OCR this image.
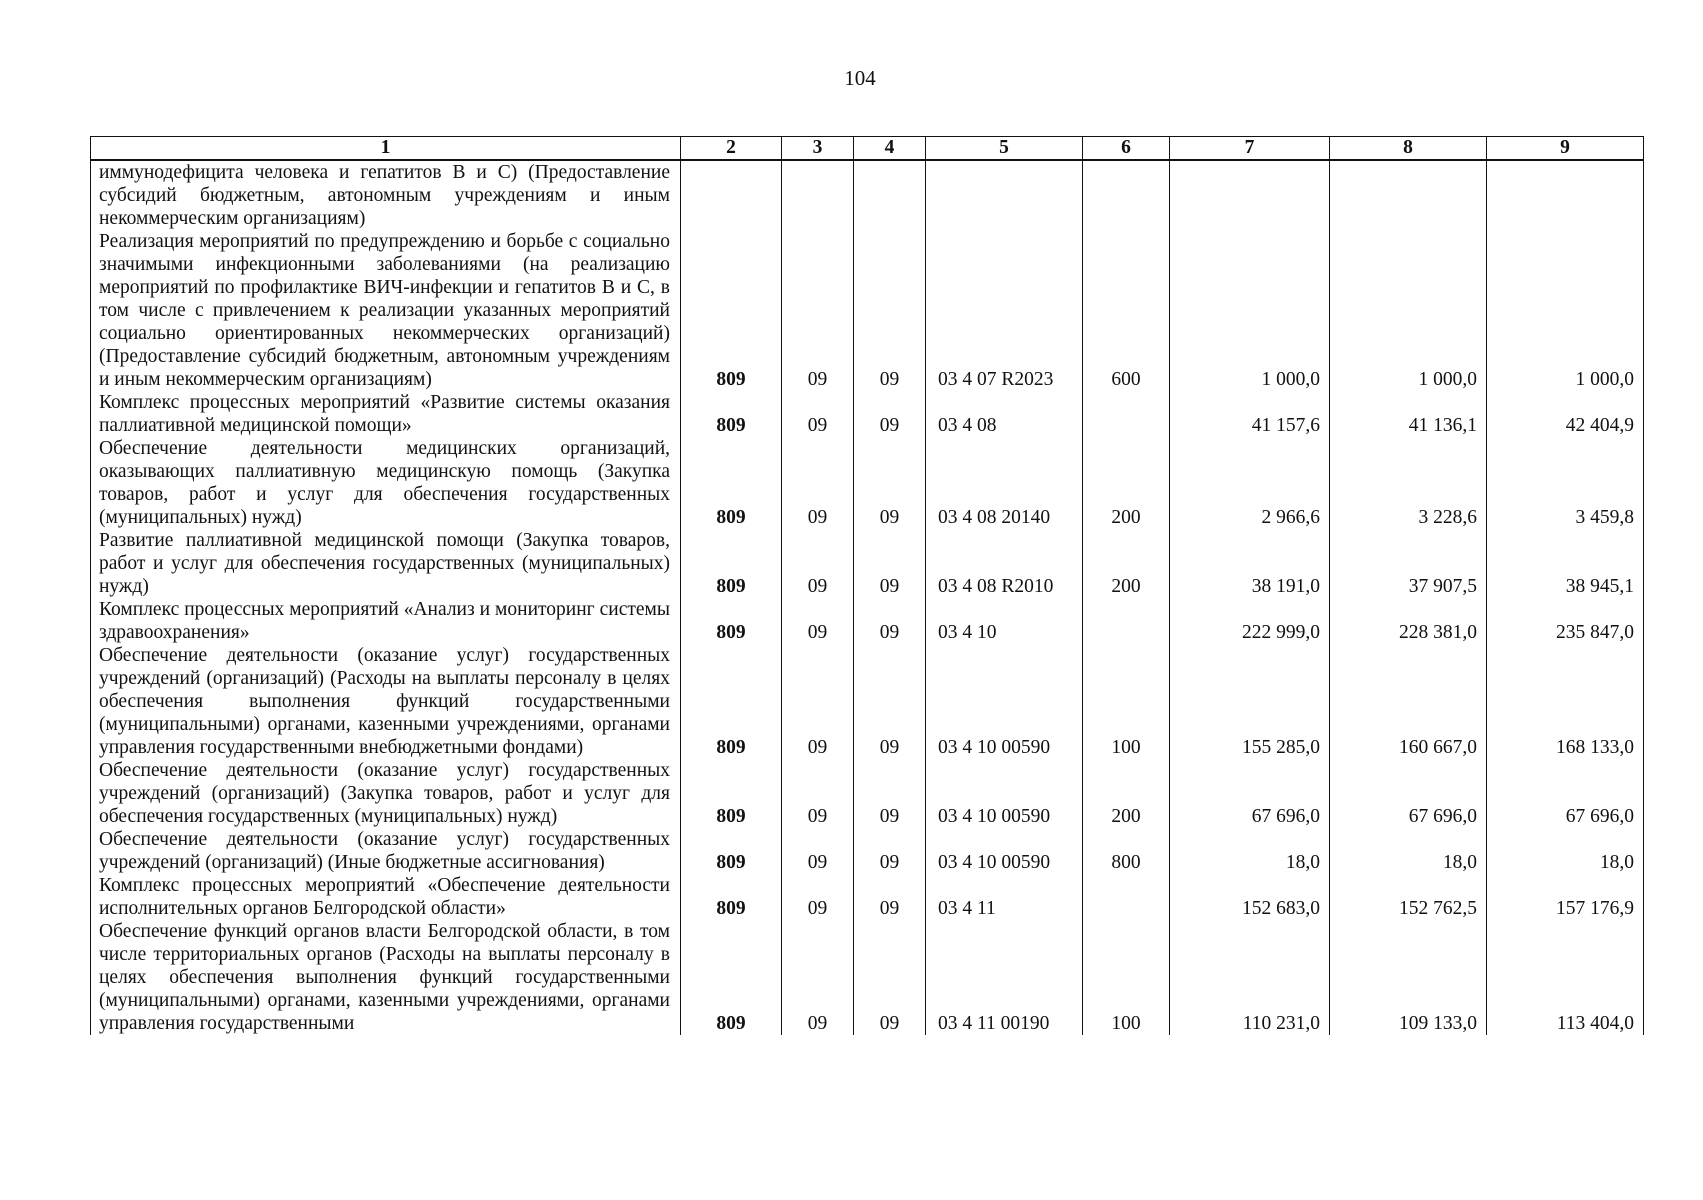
104
1	2	3	4	5	6	7	8	9
иммунодефицита человека и гепатитов В и С) (Предоставление субсидий бюджетным, автономным учреждениям и иным некоммерческим организациям)								
Реализация мероприятий по предупреждению и борьбе с социально значимыми инфекционными заболеваниями (на реализацию мероприятий по профилактике ВИЧ-инфекции и гепатитов В и С, в том числе с привлечением к реализации указанных мероприятий социально ориентированных некоммерческих организаций) (Предоставление субсидий бюджетным, автономным учреждениям и иным некоммерческим организациям)	809	09	09	03 4 07 R2023	600	1 000,0	1 000,0	1 000,0
Комплекс процессных мероприятий «Развитие системы оказания паллиативной медицинской помощи»	809	09	09	03 4 08		41 157,6	41 136,1	42 404,9
Обеспечение деятельности медицинских организаций, оказывающих паллиативную медицинскую помощь (Закупка товаров, работ и услуг для обеспечения государственных (муниципальных) нужд)	809	09	09	03 4 08 20140	200	2 966,6	3 228,6	3 459,8
Развитие паллиативной медицинской помощи (Закупка товаров, работ и услуг для обеспечения государственных (муниципальных) нужд)	809	09	09	03 4 08 R2010	200	38 191,0	37 907,5	38 945,1
Комплекс процессных мероприятий «Анализ и мониторинг системы здравоохранения»	809	09	09	03 4 10		222 999,0	228 381,0	235 847,0
Обеспечение деятельности (оказание услуг) государственных учреждений (организаций) (Расходы на выплаты персоналу в целях обеспечения выполнения функций государственными (муниципальными) органами, казенными учреждениями, органами управления государственными внебюджетными фондами)	809	09	09	03 4 10 00590	100	155 285,0	160 667,0	168 133,0
Обеспечение деятельности (оказание услуг) государственных учреждений (организаций) (Закупка товаров, работ и услуг для обеспечения государственных (муниципальных) нужд)	809	09	09	03 4 10 00590	200	67 696,0	67 696,0	67 696,0
Обеспечение деятельности (оказание услуг) государственных учреждений (организаций) (Иные бюджетные ассигнования)	809	09	09	03 4 10 00590	800	18,0	18,0	18,0
Комплекс процессных мероприятий «Обеспечение деятельности исполнительных органов Белгородской области»	809	09	09	03 4 11		152 683,0	152 762,5	157 176,9
Обеспечение функций органов власти Белгородской области, в том числе территориальных органов (Расходы на выплаты персоналу в целях обеспечения выполнения функций государственными (муниципальными) органами, казенными учреждениями, органами управления государственными	809	09	09	03 4 11 00190	100	110 231,0	109 133,0	113 404,0
